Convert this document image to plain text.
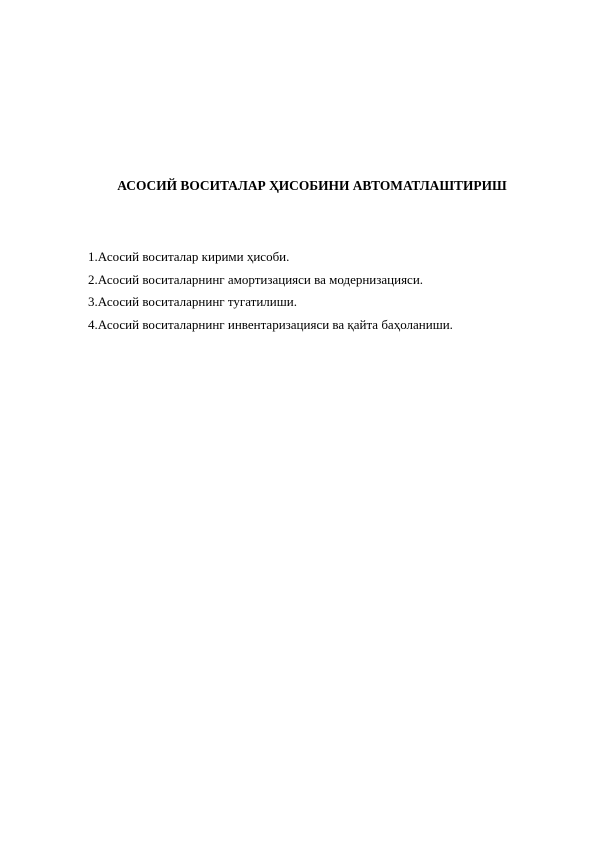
АСОСИЙ ВОСИТАЛАР ҲИСОБИНИ АВТОМАТЛАШТИРИШ
1.Асосий воситалар кирими ҳисоби.
2.Асосий воситаларнинг амортизацияси ва модернизацияси.
3.Асосий воситаларнинг тугатилиши.
4.Асосий воситаларнинг инвентаризацияси ва қайта баҳоланиши.
